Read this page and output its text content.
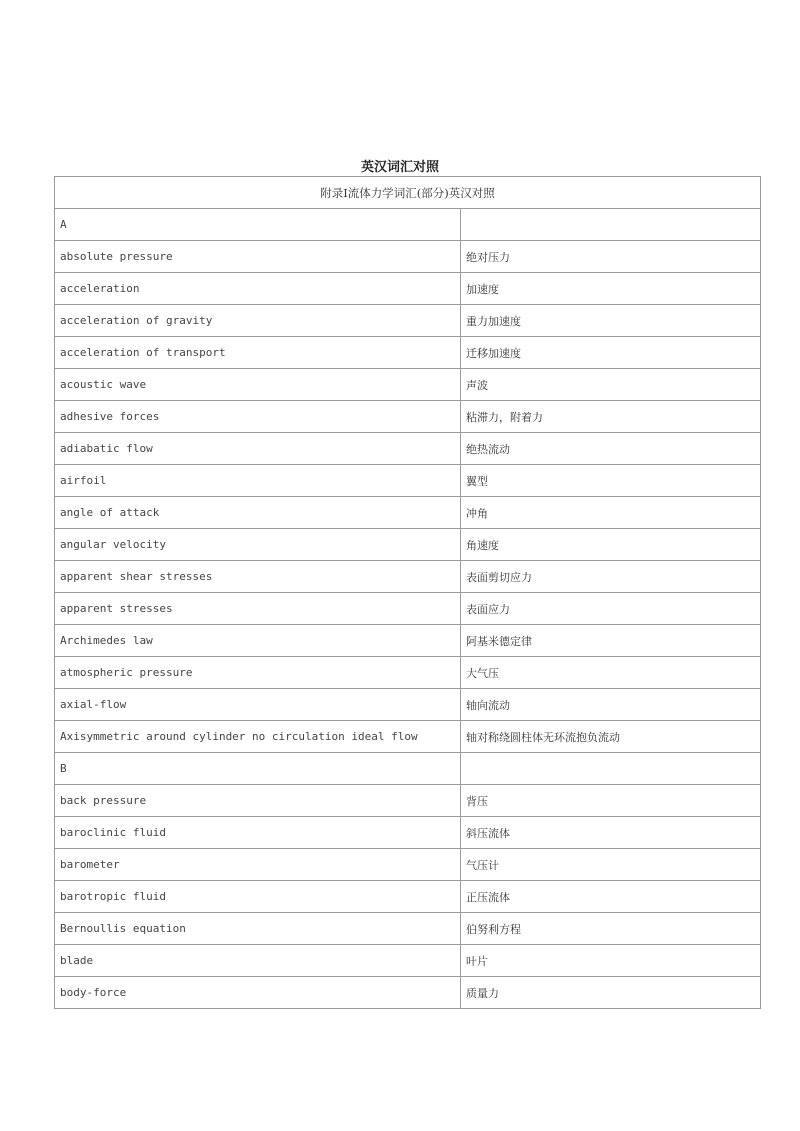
英汉词汇对照
附录Ⅰ流体力学词汇(部分)英汉对照	
A	
absolute pressure	绝对压力
acceleration	加速度
acceleration of gravity	重力加速度
acceleration of transport	迁移加速度
acoustic wave	声波
adhesive forces	粘滞力，附着力
adiabatic flow	绝热流动
airfoil	翼型
angle of attack	冲角
angular velocity	角速度
apparent shear stresses	表面剪切应力
apparent stresses	表面应力
Archimedes law	阿基米德定律
atmospheric pressure	大气压
axial-flow	轴向流动
Axisymmetric around cylinder no circulation ideal flow	轴对称绕圆柱体无环流抱负流动
B	
back pressure	背压
baroclinic fluid	斜压流体
barometer	气压计
barotropic fluid	正压流体
Bernoullis equation	伯努利方程
blade	叶片
body-force	质量力
